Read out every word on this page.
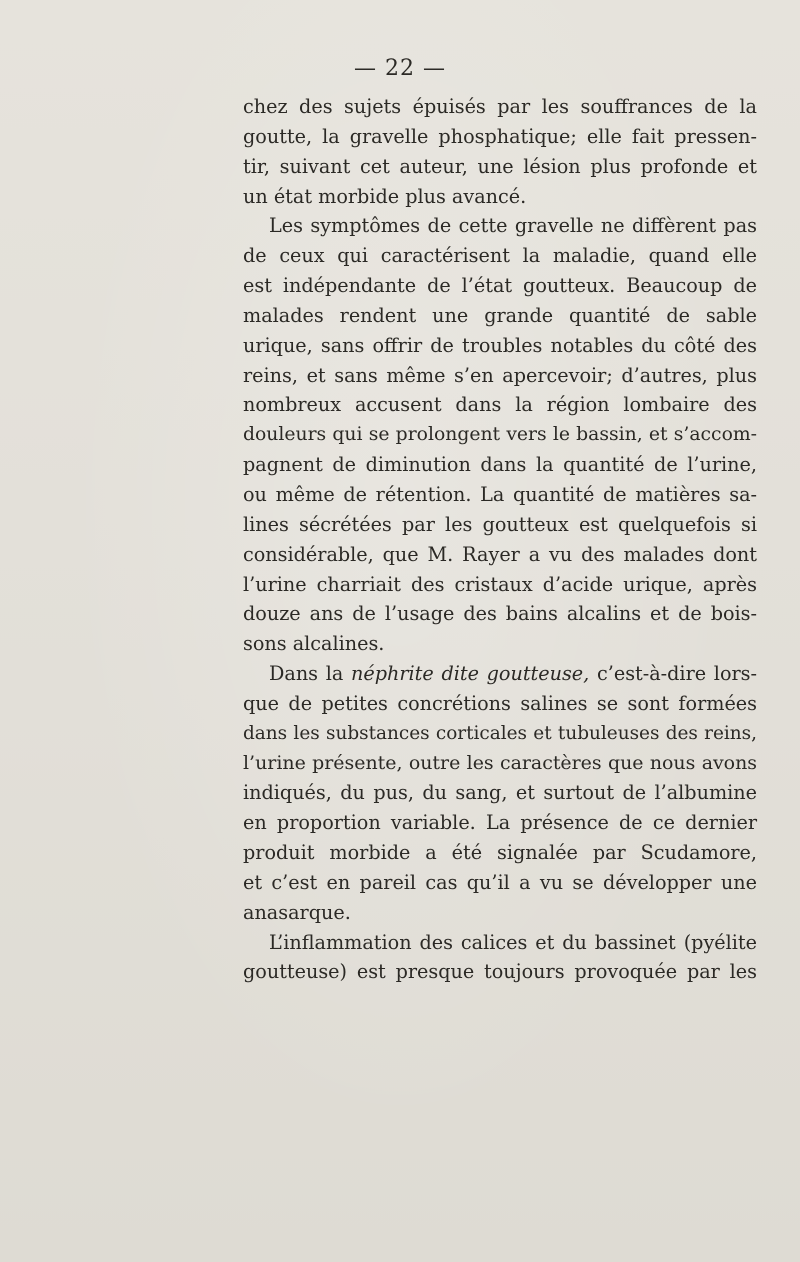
— 22 —

chez des sujets épuisés par les souffrances de la
goutte, la gravelle phosphatique; elle fait pressen-
tir, suivant cet auteur, une lésion plus profonde et
un état morbide plus avancé.

Les symptômes de cette gravelle ne diffèrent pas
de ceux qui caractérisent la maladie, quand elle
est indépendante de l’état goutteux. Beaucoup de
malades rendent une grande quantité de sable
urique, sans offrir de troubles notables du côté des
reins, et sans même s’en apercevoir; d’autres, plus
nombreux accusent dans la région lombaire des
douleurs qui se prolongent vers le bassin, et s’accom-
pagnent de diminution dans la quantité de l’urine,
ou même de rétention. La quantité de matières sa-
lines sécrétées par les goutteux est quelquefois si
considérable, que M. Rayer a vu des malades dont
l’urine charriait des cristaux d’acide urique, après
douze ans de l’usage des bains alcalins et de bois-
sons alcalines.

Dans la néphrite dite goutteuse, c’est-à-dire lors-
que de petites concrétions salines se sont formées
dans les substances corticales et tubuleuses des reins,
l’urine présente, outre les caractères que nous avons
indiqués, du pus, du sang, et surtout de l’albumine
en proportion variable. La présence de ce dernier
produit morbide a été signalée par Scudamore,
et c’est en pareil cas qu’il a vu se développer une
anasarque.

L’inflammation des calices et du bassinet (pyélite
goutteuse) est presque toujours provoquée par les
